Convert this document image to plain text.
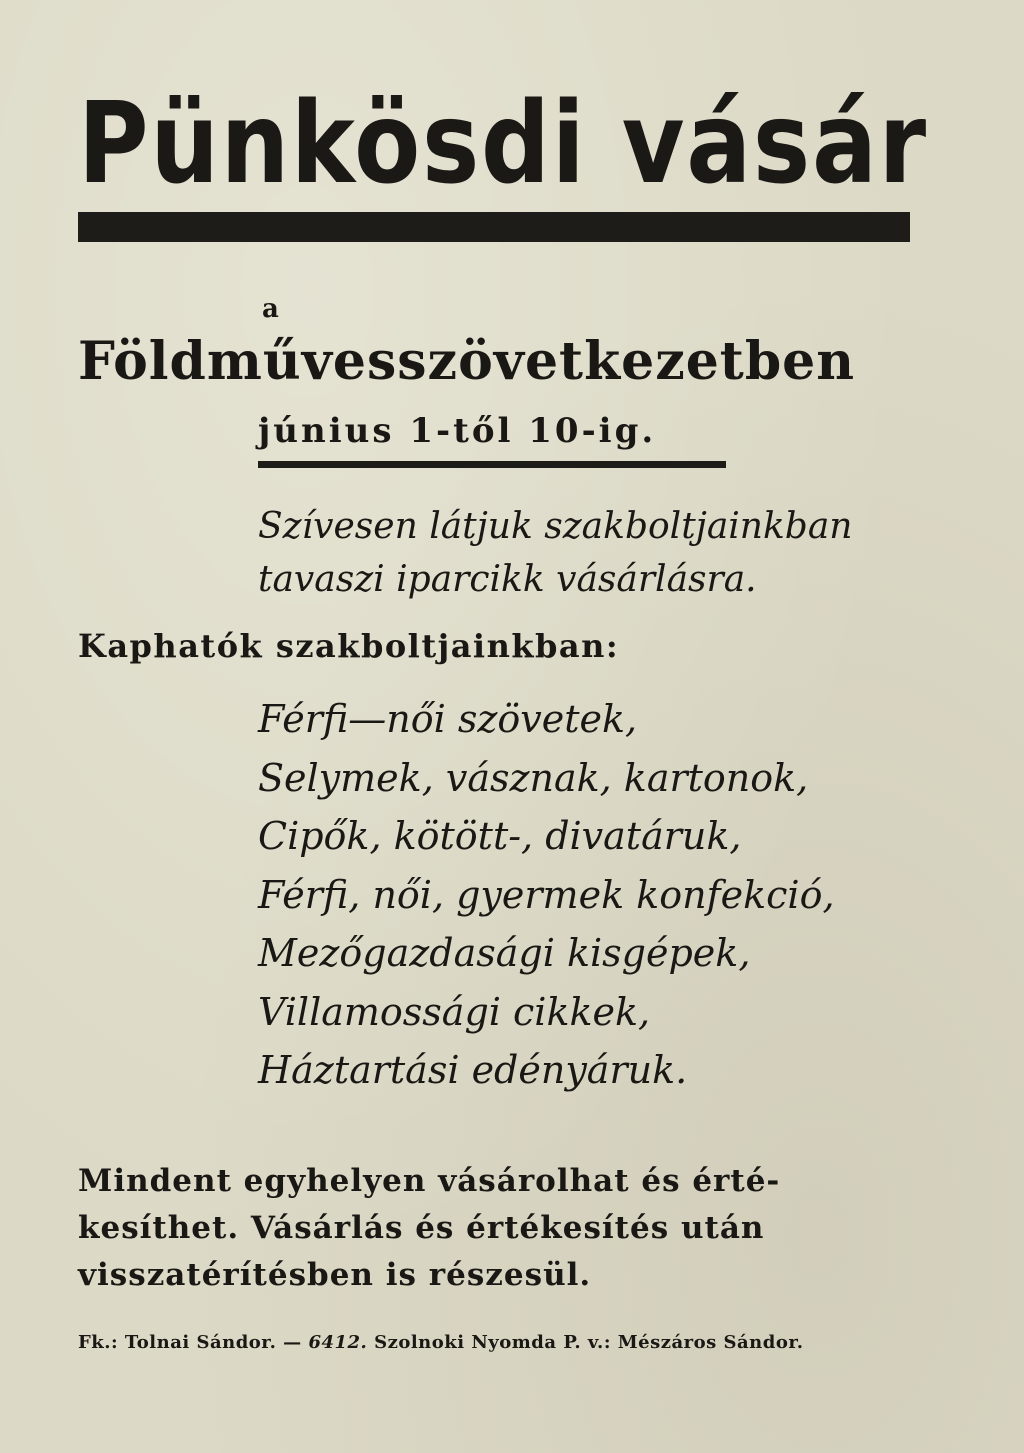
Pünkösdi vásár
a
Földművesszövetkezetben
június 1-től 10-ig.
Szívesen látjuk szakboltjainkban
tavaszi iparcikk vásárlásra.
Kaphatók szakboltjainkban:
Férfi—női szövetek,
Selymek, vásznak, kartonok,
Cipők, kötött-, divatáruk,
Férfi, női, gyermek konfekció,
Mezőgazdasági kisgépek,
Villamossági cikkek,
Háztartási edényáruk.
Mindent egyhelyen vásárolhat és érté-
kesíthet. Vásárlás és értékesítés után
visszatérítésben is részesül.
Fk.: Tolnai Sándor. — 6412. Szolnoki Nyomda P. v.: Mészáros Sándor.
